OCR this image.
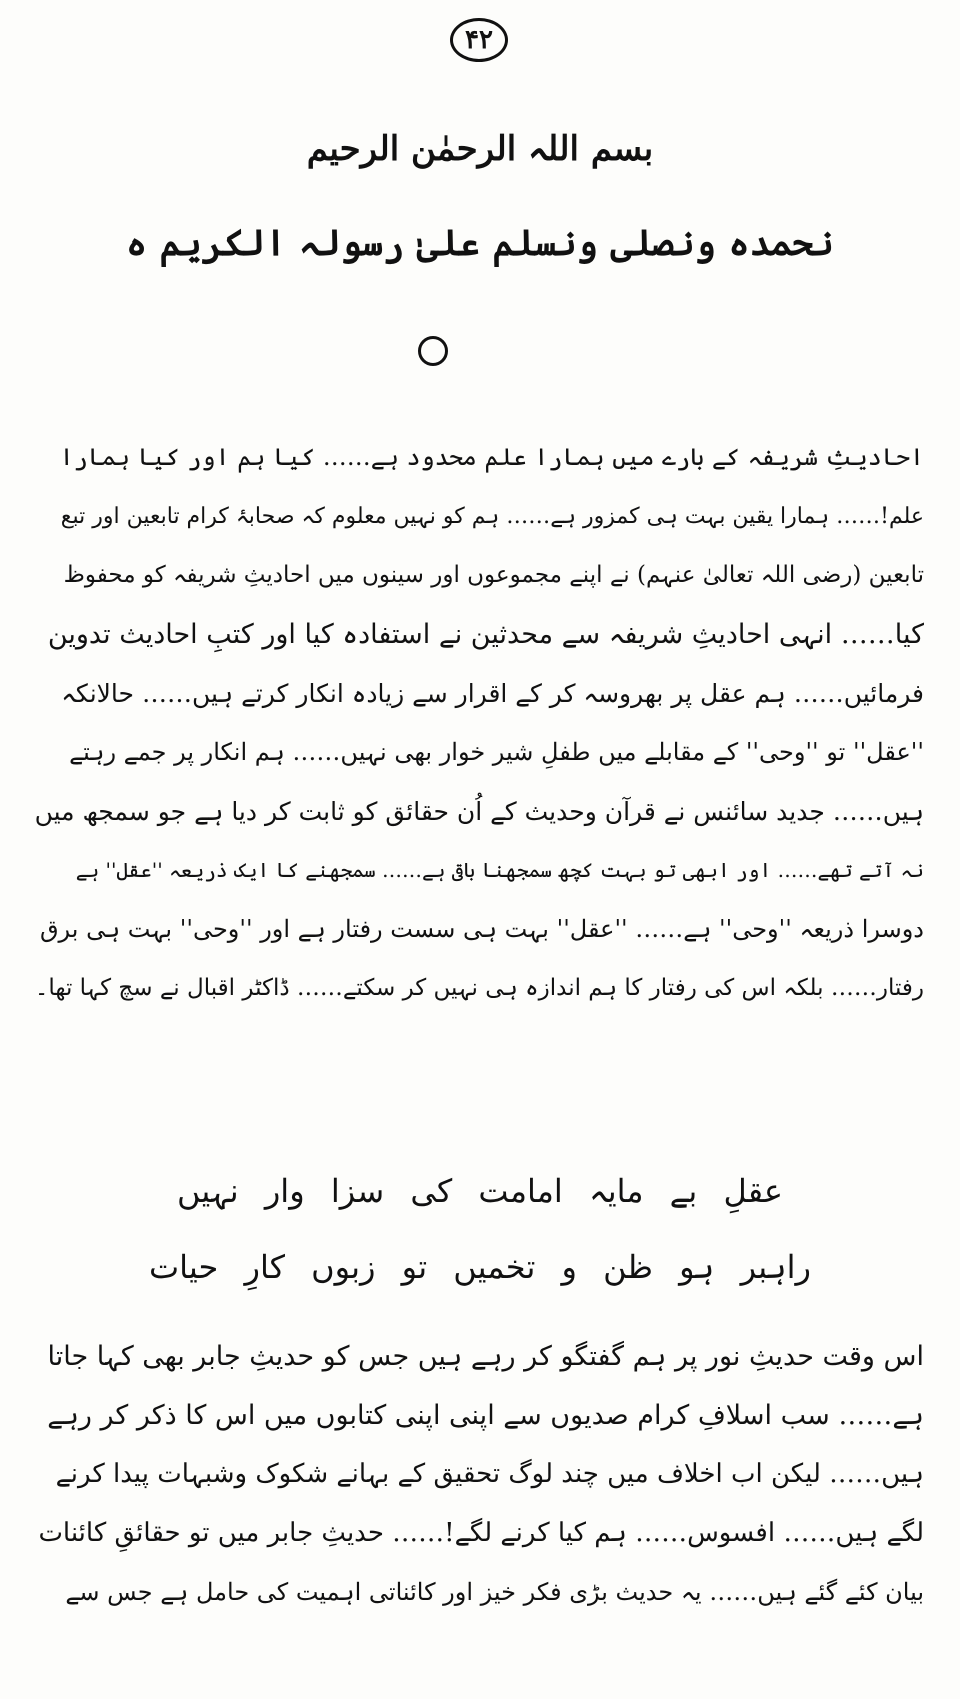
۴۲
بسم اللہ الرحمٰن الرحیم
نحمدہ ونصلی ونسلم علیٰ رسولہ الکریم ہ
احادیثِ شریفہ کے بارے میں ہمارا علم محدود ہے…… کیا ہم اور کیا ہمارا
علم!…… ہمارا یقین بہت ہی کمزور ہے…… ہم کو نہیں معلوم کہ صحابۂ کرام تابعین اور تبع
تابعین (رضی اللہ تعالیٰ عنہم) نے اپنے مجموعوں اور سینوں میں احادیثِ شریفہ کو محفوظ
کیا…… انہی احادیثِ شریفہ سے محدثین نے استفادہ کیا اور کتبِ احادیث تدوین
فرمائیں…… ہم عقل پر بھروسہ کر کے اقرار سے زیادہ انکار کرتے ہیں…… حالانکہ
''عقل'' تو ''وحی'' کے مقابلے میں طفلِ شیر خوار بھی نہیں…… ہم انکار پر جمے رہتے
ہیں…… جدید سائنس نے قرآن وحدیث کے اُن حقائق کو ثابت کر دیا ہے جو سمجھ میں
نہ آتے تھے…… اور ابھی تو بہت کچھ سمجھنا باقی ہے…… سمجھنے کا ایک ذریعہ ''عقل'' ہے
دوسرا ذریعہ ''وحی'' ہے…… ''عقل'' بہت ہی سست رفتار ہے اور ''وحی'' بہت ہی برق
رفتار…… بلکہ اس کی رفتار کا ہم اندازہ ہی نہیں کر سکتے…… ڈاکٹر اقبال نے سچ کہا تھا۔
عقلِ بے مایہ امامت کی سزا وار نہیں
راہبر ہو ظن و تخمیں تو زبوں کارِ حیات
اس وقت حدیثِ نور پر ہم گفتگو کر رہے ہیں جس کو حدیثِ جابر بھی کہا جاتا
ہے…… سب اسلافِ کرام صدیوں سے اپنی اپنی کتابوں میں اس کا ذکر کر رہے
ہیں…… لیکن اب اخلاف میں چند لوگ تحقیق کے بہانے شکوک وشبہات پیدا کرنے
لگے ہیں…… افسوس…… ہم کیا کرنے لگے!…… حدیثِ جابر میں تو حقائقِ کائنات
بیان کئے گئے ہیں…… یہ حدیث بڑی فکر خیز اور کائناتی اہمیت کی حامل ہے جس سے
